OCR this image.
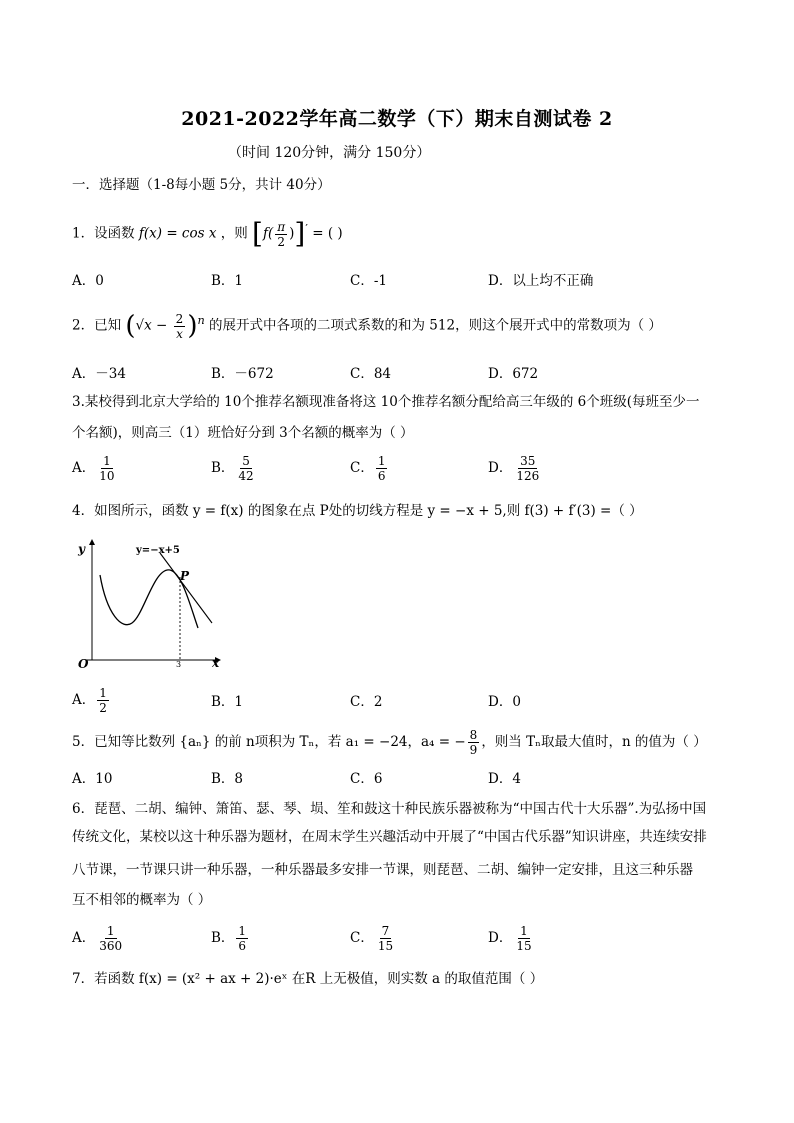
2021-2022学年高二数学（下）期末自测试卷 2
（时间 120分钟，满分 150分）
一．选择题（1-8每小题 5分，共计 40分）
1．设函数 f(x) = cos x ，则 $[f( \frac{\pi}{2} )]'$ = ( )
A．0	B．1	C．-1	D．以上均不正确
2．已知 $(√x - \frac{2}{x} )^n$ 的展开式中各项的二项式系数的和为 512，则这个展开式中的常数项为（ ）
A．－34	B．－672	C．84	D．672
3.某校得到北京大学给的 10个推荐名额现准备将这 10个推荐名额分配给高三年级的 6个班级(每班至少一
个名额)，则高三（1）班恰好分到 3个名额的概率为（ ）
A． $\frac{1}{10}$	B． $\frac{5}{42}$	C． $\frac{1}{6}$	D． $\frac{35}{126}$
4．如图所示，函数 y = f(x) 的图象在点 P处的切线方程是 y = −x + 5,则 f(3) + f′(3) =（ ）
y
x
O
y=−x+5
P
3
A． $\frac{1}{2}$	B．1	C．2	D．0
5．已知等比数列 {aₙ} 的前 n项积为 Tₙ，若 a₁ = −24，a₄ = − $\frac{8}{9}$ ，则当 Tₙ取最大值时，n 的值为（ ）
A．10	B．8	C．6	D．4
6．琵琶、二胡、编钟、箫笛、瑟、琴、埙、笙和鼓这十种民族乐器被称为“中国古代十大乐器”.为弘扬中国
传统文化，某校以这十种乐器为题材，在周末学生兴趣活动中开展了“中国古代乐器”知识讲座，共连续安排
八节课，一节课只讲一种乐器，一种乐器最多安排一节课，则琵琶、二胡、编钟一定安排，且这三种乐器
互不相邻的概率为（ ）
A． $\frac{1}{360}$	B． $\frac{1}{6}$	C． $\frac{7}{15}$	D． $\frac{1}{15}$
7．若函数 f(x) = (x² + ax + 2)·eˣ 在R 上无极值，则实数 a 的取值范围（ ）
